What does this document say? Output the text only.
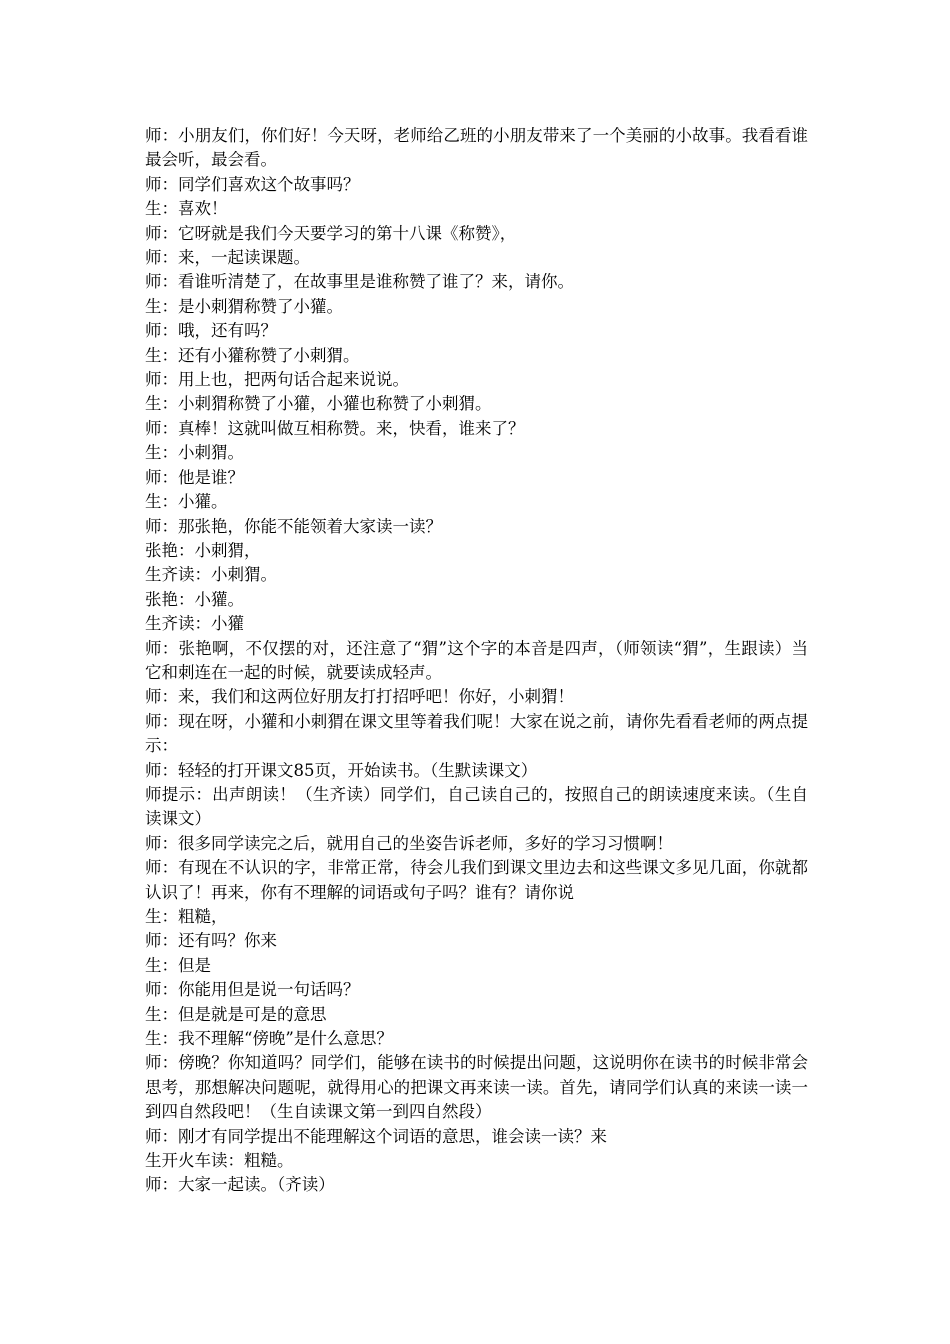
师：小朋友们，你们好！今天呀，老师给乙班的小朋友带来了一个美丽的小故事。我看看谁最会听，最会看。

师：同学们喜欢这个故事吗？

生：喜欢！

师：它呀就是我们今天要学习的第十八课《称赞》，

师：来，一起读课题。

师：看谁听清楚了，在故事里是谁称赞了谁了？来，请你。

生：是小刺猬称赞了小獾。

师：哦，还有吗？

生：还有小獾称赞了小刺猬。

师：用上也，把两句话合起来说说。

生：小刺猬称赞了小獾，小獾也称赞了小刺猬。

师：真棒！这就叫做互相称赞。来，快看，谁来了？

生：小刺猬。

师：他是谁？

生：小獾。

师：那张艳，你能不能领着大家读一读？

张艳：小刺猬，

生齐读：小刺猬。

张艳：小獾。

生齐读：小獾

师：张艳啊，不仅摆的对，还注意了“猬”这个字的本音是四声，（师领读“猬”，生跟读）当它和刺连在一起的时候，就要读成轻声。

师：来，我们和这两位好朋友打打招呼吧！你好，小刺猬！

师：现在呀，小獾和小刺猬在课文里等着我们呢！大家在说之前，请你先看看老师的两点提示：

师：轻轻的打开课文85页，开始读书。（生默读课文）

师提示：出声朗读！（生齐读）同学们，自己读自己的，按照自己的朗读速度来读。（生自读课文）

师：很多同学读完之后，就用自己的坐姿告诉老师，多好的学习习惯啊！

师：有现在不认识的字，非常正常，待会儿我们到课文里边去和这些课文多见几面，你就都认识了！再来，你有不理解的词语或句子吗？谁有？请你说

生：粗糙，

师：还有吗？你来

生：但是

师：你能用但是说一句话吗？

生：但是就是可是的意思

生：我不理解“傍晚”是什么意思？

师：傍晚？你知道吗？同学们，能够在读书的时候提出问题，这说明你在读书的时候非常会思考，那想解决问题呢，就得用心的把课文再来读一读。首先，请同学们认真的来读一读一到四自然段吧！（生自读课文第一到四自然段）

师：刚才有同学提出不能理解这个词语的意思，谁会读一读？来

生开火车读：粗糙。

师：大家一起读。（齐读）
